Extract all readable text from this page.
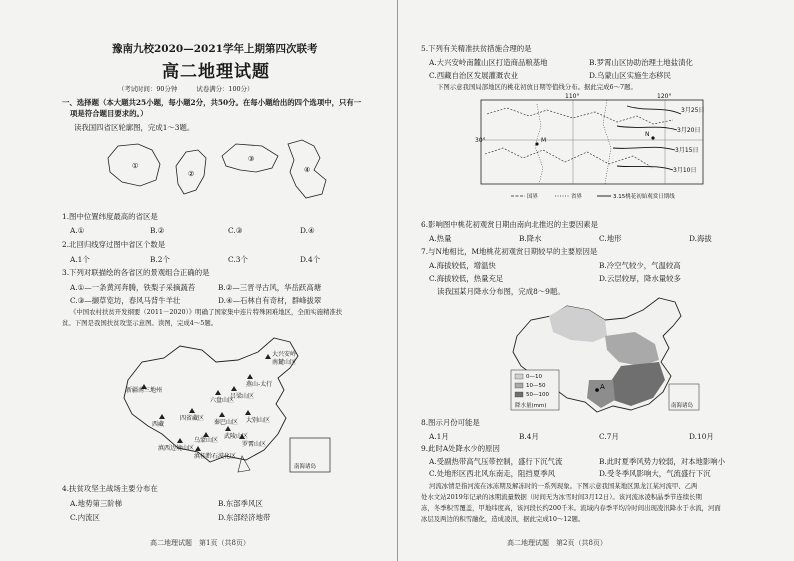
豫南九校2020—2021学年上期第四次联考
高二地理试题
（考试时间：90分钟　　　试卷满分：100分）
一、选择题（本大题共25小题，每小题2分，共50分。在每小题给出的四个选项中，只有一
项是符合题目要求的。）
读我国四省区轮廓图，完成1～3题。
①
②
③
④
1.图中位置纬度最高的省区是
A.①	B.②	C.③	D.④
2.北回归线穿过图中省区个数是
A.1个	B.2个	C.3个	D.4个
3.下列对联描绘的各省区的景观组合正确的是
A.①—一条黄河奔腾，铁梨子采摘蔬苔	B.②—三晋寻古风，华岳跃高塘
C.③—撷草览坊，春风马背牛羊壮	D.④—石林自有奇材，群峰拔翠
《中国农村扶贫开发纲要（2011－2020）》明确了国家集中连片特殊困难地区，全面实施精准扶
贫。下图是我国扶贫攻坚示意图。读图，完成4～5题。
大兴安岭
南麓山区
新疆南三地州
六盘山区
吕梁山区
燕山-太行
西藏
四省藏区
秦巴山区 大别山区
武陵山区
乌蒙山区
罗霄山区
滇桂黔石漠化区
滇西边境山区
南海诸岛
4.扶贫攻坚主战场主要分布在
A.地势第三阶梯	B.东部季风区
C.内流区	D.东部经济地带
高二地理试题　第1页（共8页）
5.下列有关精准扶贫措施合理的是
A.大兴安岭南麓山区打造商品粮基地	B.罗霄山区协助治理土地盐渍化
C.西藏自治区发展灌溉农业	D.乌蒙山区实施生态移民
下图示意我国局部地区的桃花初放日期等值线分布。据此完成6～7题。
110°	120°
30°
3月25日
3月20日
3月15日
3月10日
M
N
国界	省界	3.15桃花初始观赏日期线
6.影响图中桃花初观赏日期由南向北推迟的主要因素是
A.热量	B.降水	C.地形	D.海拔
7.与N地相比，M地桃花初观赏日期较早的主要原因是
A.海拔较低，增温快	B.冷空气较少，气温较高
C.海拔较低，热量充足	D.云层较厚，降水量较多
读我国某月降水分布图，完成8～9题。
A
0—10
10—50
50—100
降水量(mm)	南海诸岛
8.图示月份可能是
A.1月	B.4月	C.7月	D.10月
9.此时A处降水少的原因
A.受副热带高气压带控制，盛行下沉气流	B.此时夏季风势力较弱，对本地影响小
C.处地形区西北风东南走，阻挡夏季风	D.受冬季风影响大，气流盛行下沉
河流冰情是指河流在冰冻期及解冻时的一系列现象。下图示意我国某地区黑龙江某河流甲、乙两
处水文站2019年记录的冰期流量数据（时间无为冰雪时间3月12日）。该河流冰凌积晶季节连续长期
冻，冬季积雪覆盖，甲地纬度高，该河段长约200千米。流域内春季平均冷时间出现凌汛降水于水流，河面
冰层及两边的积雪融化，造成凌汛，据此完成10～12题。
高二地理试题　第2页（共8页）
